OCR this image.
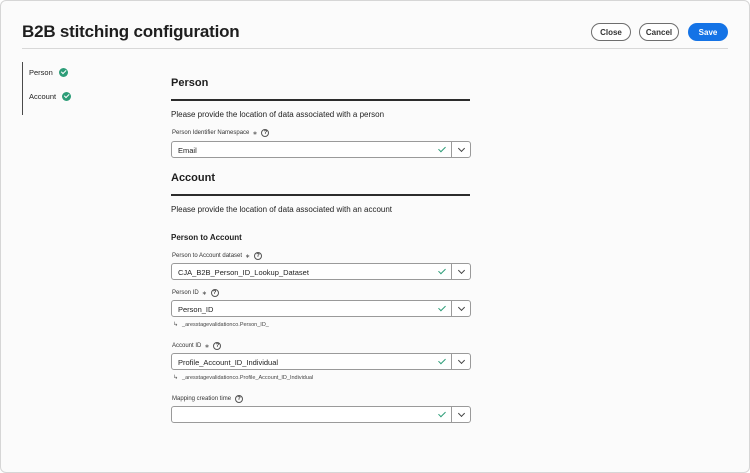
B2B stitching configuration	Close	Cancel	Save
Person
Account
Person
Please provide the location of data associated with a person
Person Identifier Namespace ∗	?
Email
Account
Please provide the location of data associated with an account
Person to Account
Person to Account dataset ∗	?
CJA_B2B_Person_ID_Lookup_Dataset
Person ID ∗	?
Person_ID
↳ _aresstagevalidationco.Person_ID_
Account ID ∗	?
Profile_Account_ID_Individual
↳ _aresstagevalidationco.Profile_Account_ID_Individual
Mapping creation time	?
